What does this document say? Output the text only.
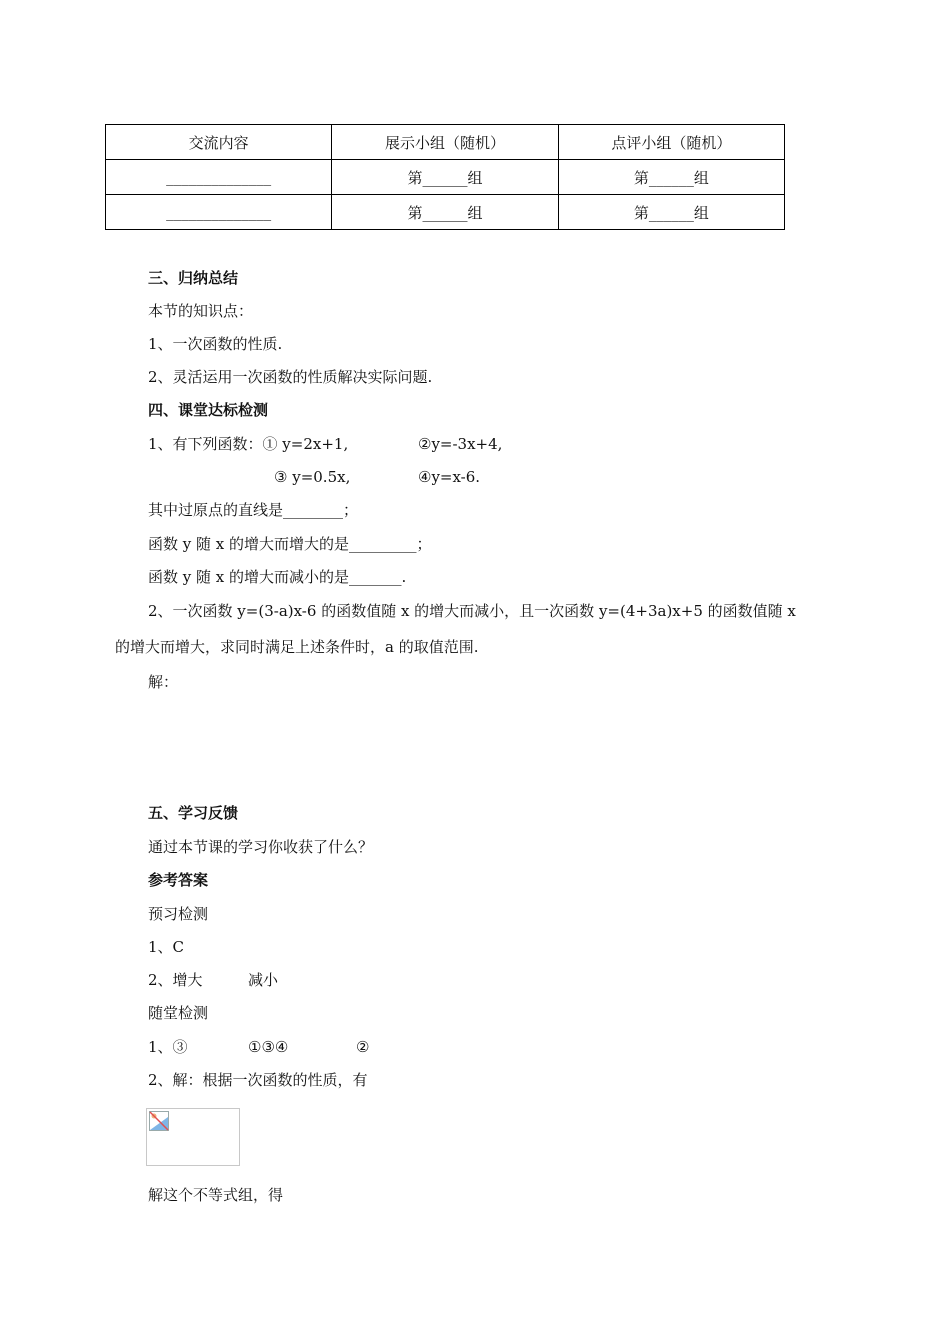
交流内容	展示小组（随机）	点评小组（随机）
______________	第______组	第______组
______________	第______组	第______组
三、归纳总结
本节的知识点：
1、一次函数的性质.
2、灵活运用一次函数的性质解决实际问题.
四、课堂达标检测
1、有下列函数：① y=2x+1,	②y=-3x+4,
③ y=0.5x,	④y=x-6.
其中过原点的直线是________；
函数 y 随 x 的增大而增大的是_________；
函数 y 随 x 的增大而减小的是_______.
2、一次函数 y=(3-a)x-6 的函数值随 x 的增大而减小，且一次函数 y=(4+3a)x+5 的函数值随 x
的增大而增大，求同时满足上述条件时，a 的取值范围.
解：
五、学习反馈
通过本节课的学习你收获了什么？
参考答案
预习检测
1、C
2、增大	减小
随堂检测
1、③	①③④	②
2、解：根据一次函数的性质，有
解这个不等式组，得
